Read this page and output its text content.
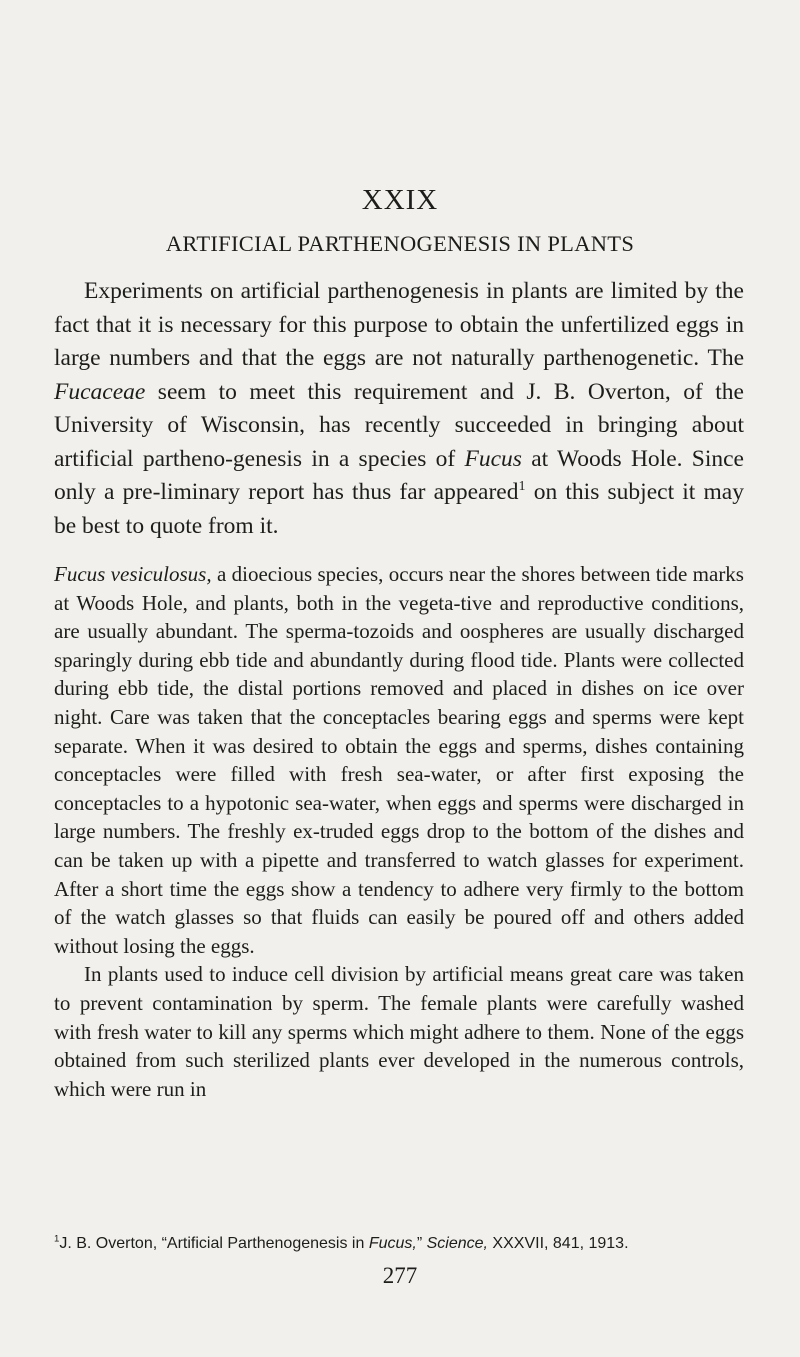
XXIX
ARTIFICIAL PARTHENOGENESIS IN PLANTS

Experiments on artificial parthenogenesis in plants are limited by the fact that it is necessary for this purpose to obtain the unfertilized eggs in large numbers and that the eggs are not naturally parthenogenetic. The Fucaceae seem to meet this requirement and J. B. Overton, of the University of Wisconsin, has recently succeeded in bringing about artificial partheno-genesis in a species of Fucus at Woods Hole. Since only a pre-liminary report has thus far appeared$^1$ on this subject it may be best to quote from it.

Fucus vesiculosus, a dioecious species, occurs near the shores between tide marks at Woods Hole, and plants, both in the vegeta-tive and reproductive conditions, are usually abundant. The sperma-tozoids and oospheres are usually discharged sparingly during ebb tide and abundantly during flood tide. Plants were collected during ebb tide, the distal portions removed and placed in dishes on ice over night. Care was taken that the conceptacles bearing eggs and sperms were kept separate. When it was desired to obtain the eggs and sperms, dishes containing conceptacles were filled with fresh sea-water, or after first exposing the conceptacles to a hypotonic sea-water, when eggs and sperms were discharged in large numbers. The freshly ex-truded eggs drop to the bottom of the dishes and can be taken up with a pipette and transferred to watch glasses for experiment. After a short time the eggs show a tendency to adhere very firmly to the bottom of the watch glasses so that fluids can easily be poured off and others added without losing the eggs.

In plants used to induce cell division by artificial means great care was taken to prevent contamination by sperm. The female plants were carefully washed with fresh water to kill any sperms which might adhere to them. None of the eggs obtained from such sterilized plants ever developed in the numerous controls, which were run in

$^1$J. B. Overton, “Artificial Parthenogenesis in Fucus,” Science, XXXVII, 841, 1913.
277
